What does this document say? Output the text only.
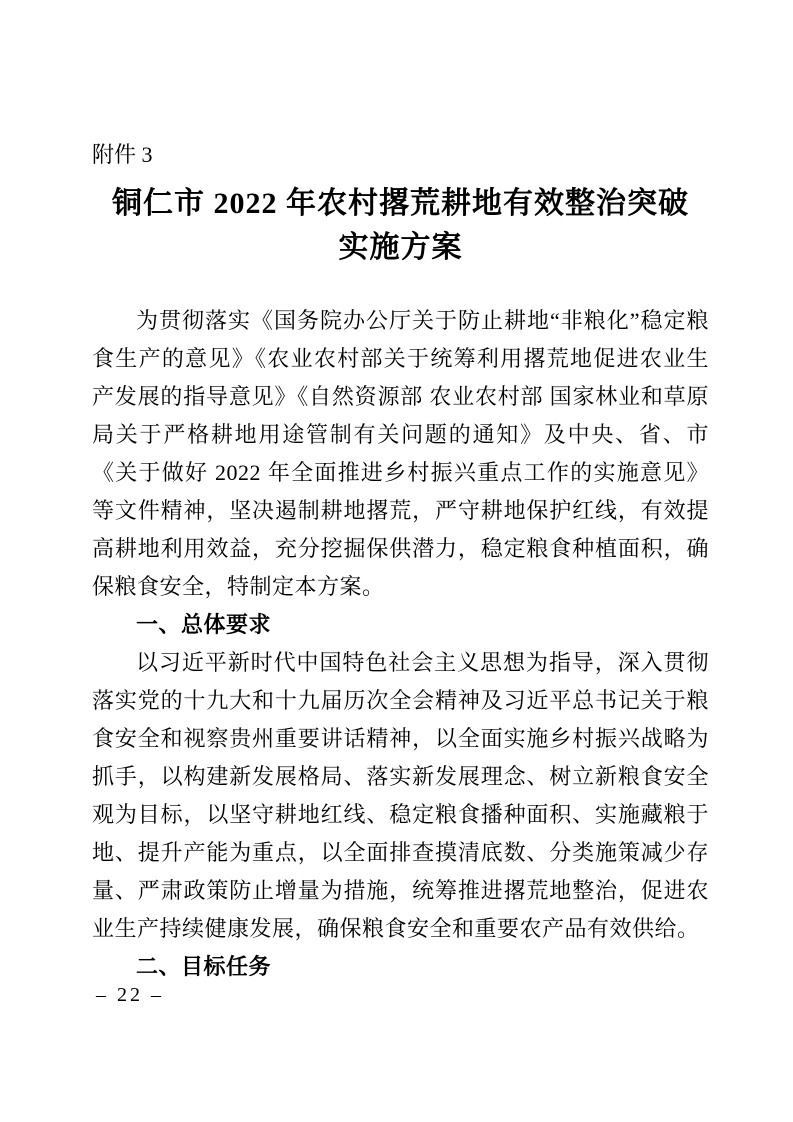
附件 3
铜仁市 2022 年农村撂荒耕地有效整治突破
实施方案

为贯彻落实《国务院办公厅关于防止耕地“非粮化”稳定粮食生产的意见》《农业农村部关于统筹利用撂荒地促进农业生产发展的指导意见》《自然资源部 农业农村部 国家林业和草原局关于严格耕地用途管制有关问题的通知》及中央、省、市《关于做好 2022 年全面推进乡村振兴重点工作的实施意见》等文件精神，坚决遏制耕地撂荒，严守耕地保护红线，有效提高耕地利用效益，充分挖掘保供潜力，稳定粮食种植面积，确保粮食安全，特制定本方案。

一、总体要求

以习近平新时代中国特色社会主义思想为指导，深入贯彻落实党的十九大和十九届历次全会精神及习近平总书记关于粮食安全和视察贵州重要讲话精神，以全面实施乡村振兴战略为抓手，以构建新发展格局、落实新发展理念、树立新粮食安全观为目标，以坚守耕地红线、稳定粮食播种面积、实施藏粮于地、提升产能为重点，以全面排查摸清底数、分类施策减少存量、严肃政策防止增量为措施，统筹推进撂荒地整治，促进农业生产持续健康发展，确保粮食安全和重要农产品有效供给。

二、目标任务
– 22 –
